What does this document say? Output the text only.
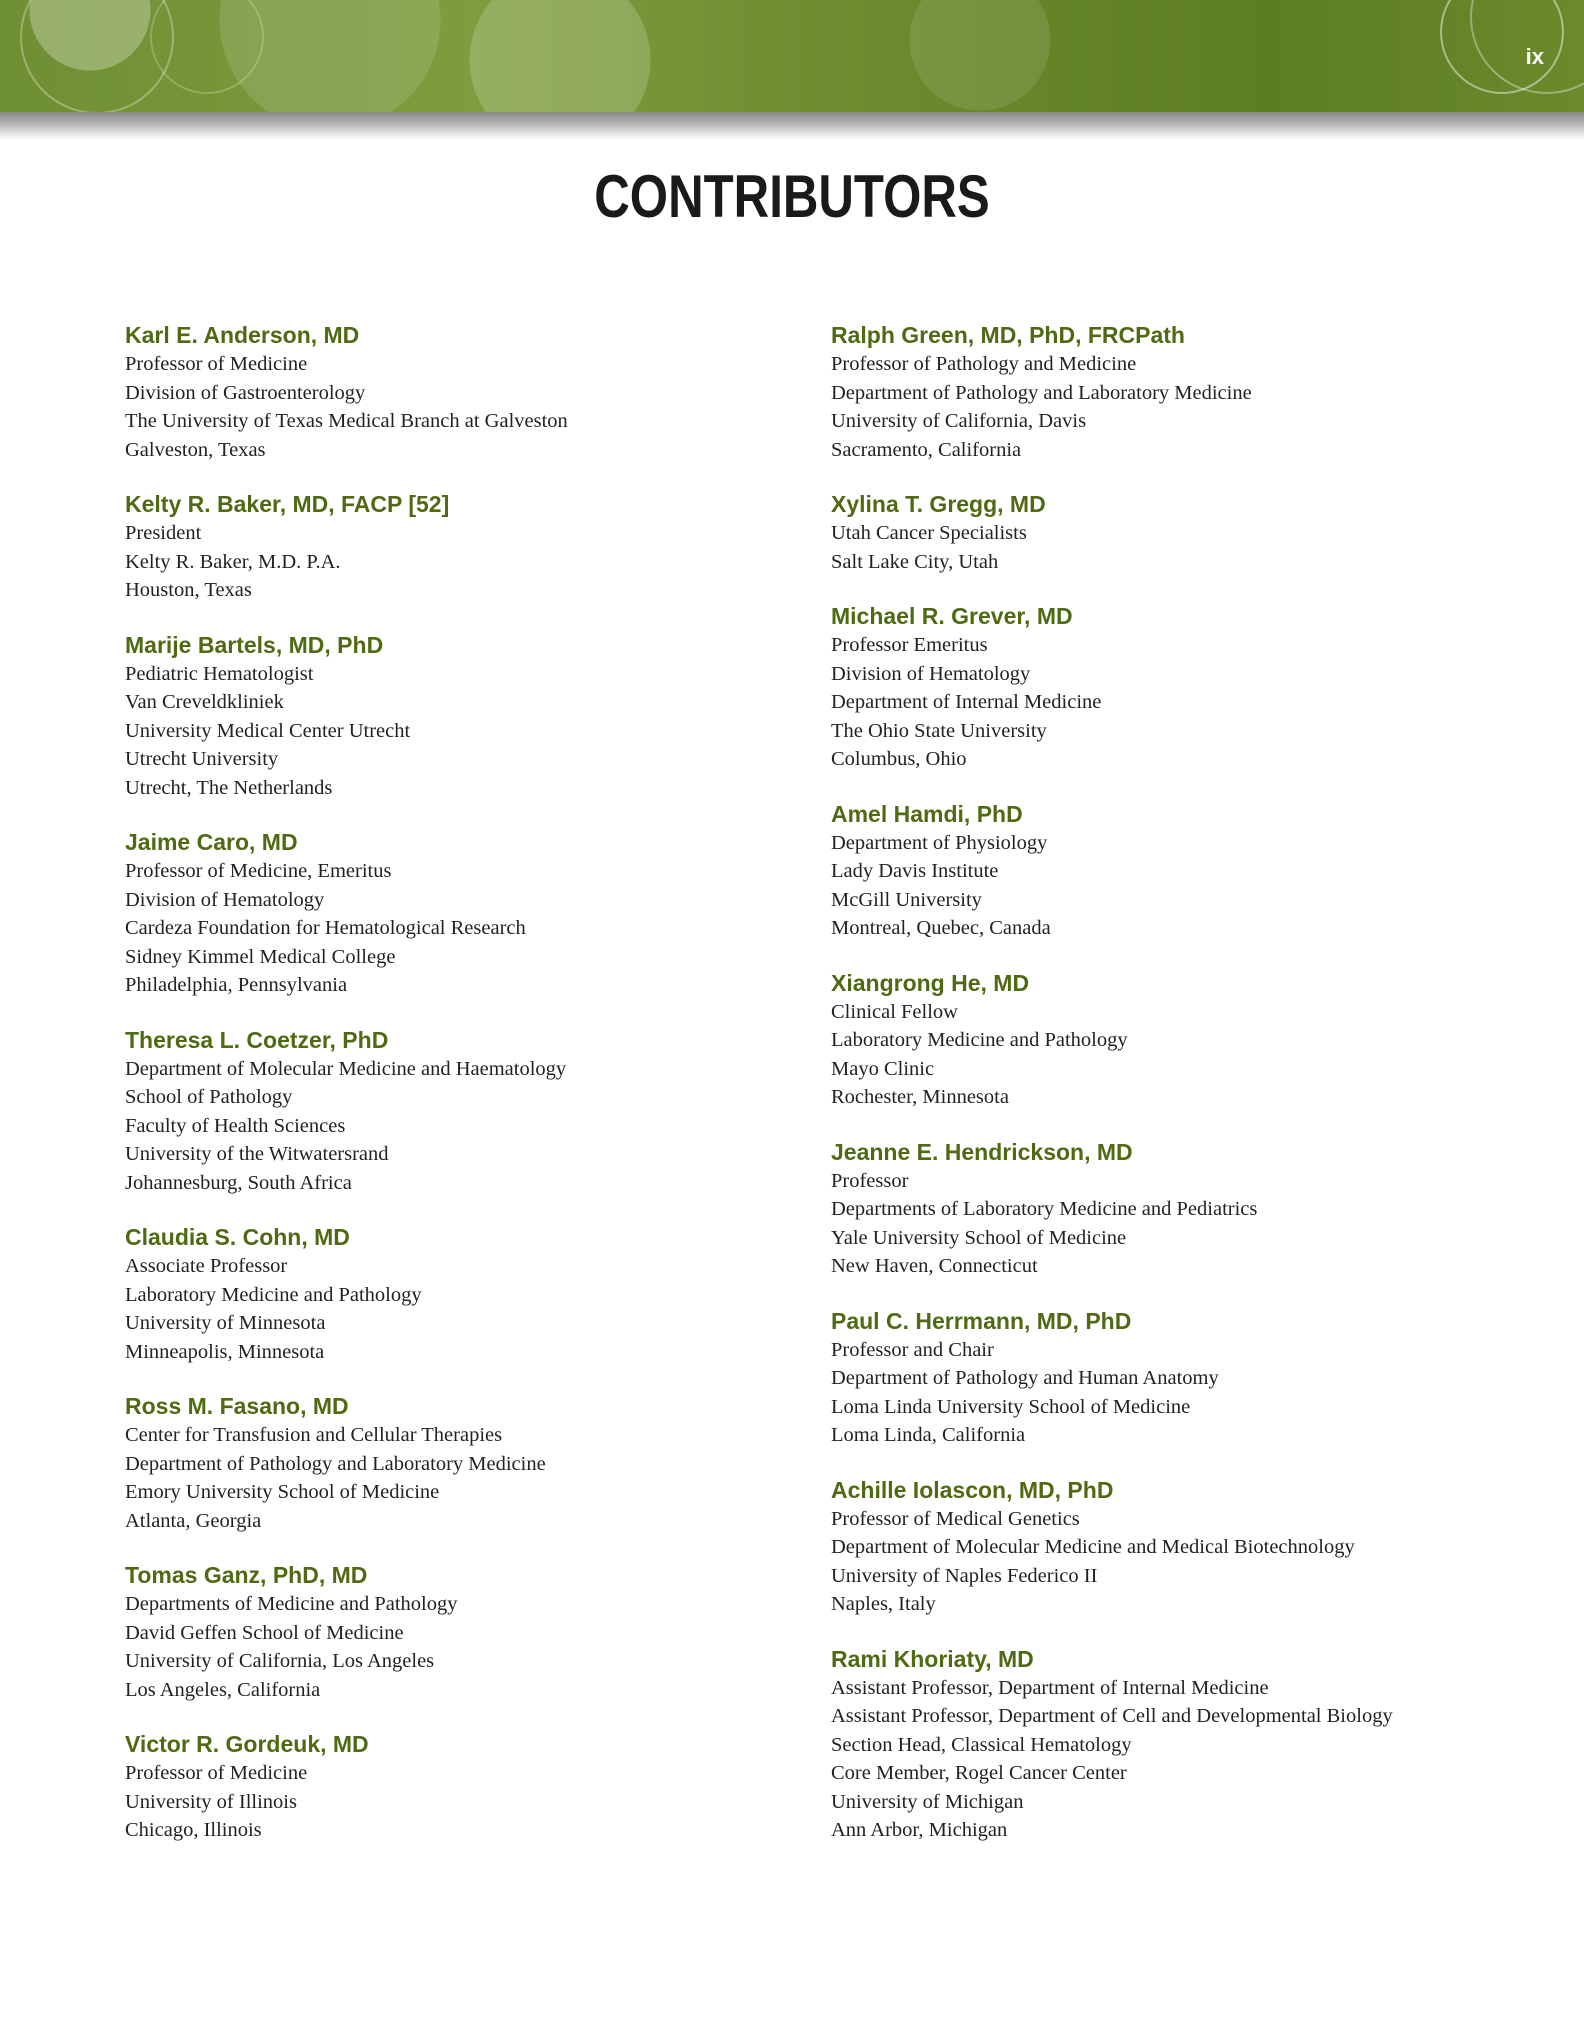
ix
CONTRIBUTORS
Karl E. Anderson, MD
Professor of Medicine
Division of Gastroenterology
The University of Texas Medical Branch at Galveston
Galveston, Texas
Kelty R. Baker, MD, FACP [52]
President
Kelty R. Baker, M.D. P.A.
Houston, Texas
Marije Bartels, MD, PhD
Pediatric Hematologist
Van Creveldkliniek
University Medical Center Utrecht
Utrecht University
Utrecht, The Netherlands
Jaime Caro, MD
Professor of Medicine, Emeritus
Division of Hematology
Cardeza Foundation for Hematological Research
Sidney Kimmel Medical College
Philadelphia, Pennsylvania
Theresa L. Coetzer, PhD
Department of Molecular Medicine and Haematology
School of Pathology
Faculty of Health Sciences
University of the Witwatersrand
Johannesburg, South Africa
Claudia S. Cohn, MD
Associate Professor
Laboratory Medicine and Pathology
University of Minnesota
Minneapolis, Minnesota
Ross M. Fasano, MD
Center for Transfusion and Cellular Therapies
Department of Pathology and Laboratory Medicine
Emory University School of Medicine
Atlanta, Georgia
Tomas Ganz, PhD, MD
Departments of Medicine and Pathology
David Geffen School of Medicine
University of California, Los Angeles
Los Angeles, California
Victor R. Gordeuk, MD
Professor of Medicine
University of Illinois
Chicago, Illinois
Ralph Green, MD, PhD, FRCPath
Professor of Pathology and Medicine
Department of Pathology and Laboratory Medicine
University of California, Davis
Sacramento, California
Xylina T. Gregg, MD
Utah Cancer Specialists
Salt Lake City, Utah
Michael R. Grever, MD
Professor Emeritus
Division of Hematology
Department of Internal Medicine
The Ohio State University
Columbus, Ohio
Amel Hamdi, PhD
Department of Physiology
Lady Davis Institute
McGill University
Montreal, Quebec, Canada
Xiangrong He, MD
Clinical Fellow
Laboratory Medicine and Pathology
Mayo Clinic
Rochester, Minnesota
Jeanne E. Hendrickson, MD
Professor
Departments of Laboratory Medicine and Pediatrics
Yale University School of Medicine
New Haven, Connecticut
Paul C. Herrmann, MD, PhD
Professor and Chair
Department of Pathology and Human Anatomy
Loma Linda University School of Medicine
Loma Linda, California
Achille Iolascon, MD, PhD
Professor of Medical Genetics
Department of Molecular Medicine and Medical Biotechnology
University of Naples Federico II
Naples, Italy
Rami Khoriaty, MD
Assistant Professor, Department of Internal Medicine
Assistant Professor, Department of Cell and Developmental Biology
Section Head, Classical Hematology
Core Member, Rogel Cancer Center
University of Michigan
Ann Arbor, Michigan
